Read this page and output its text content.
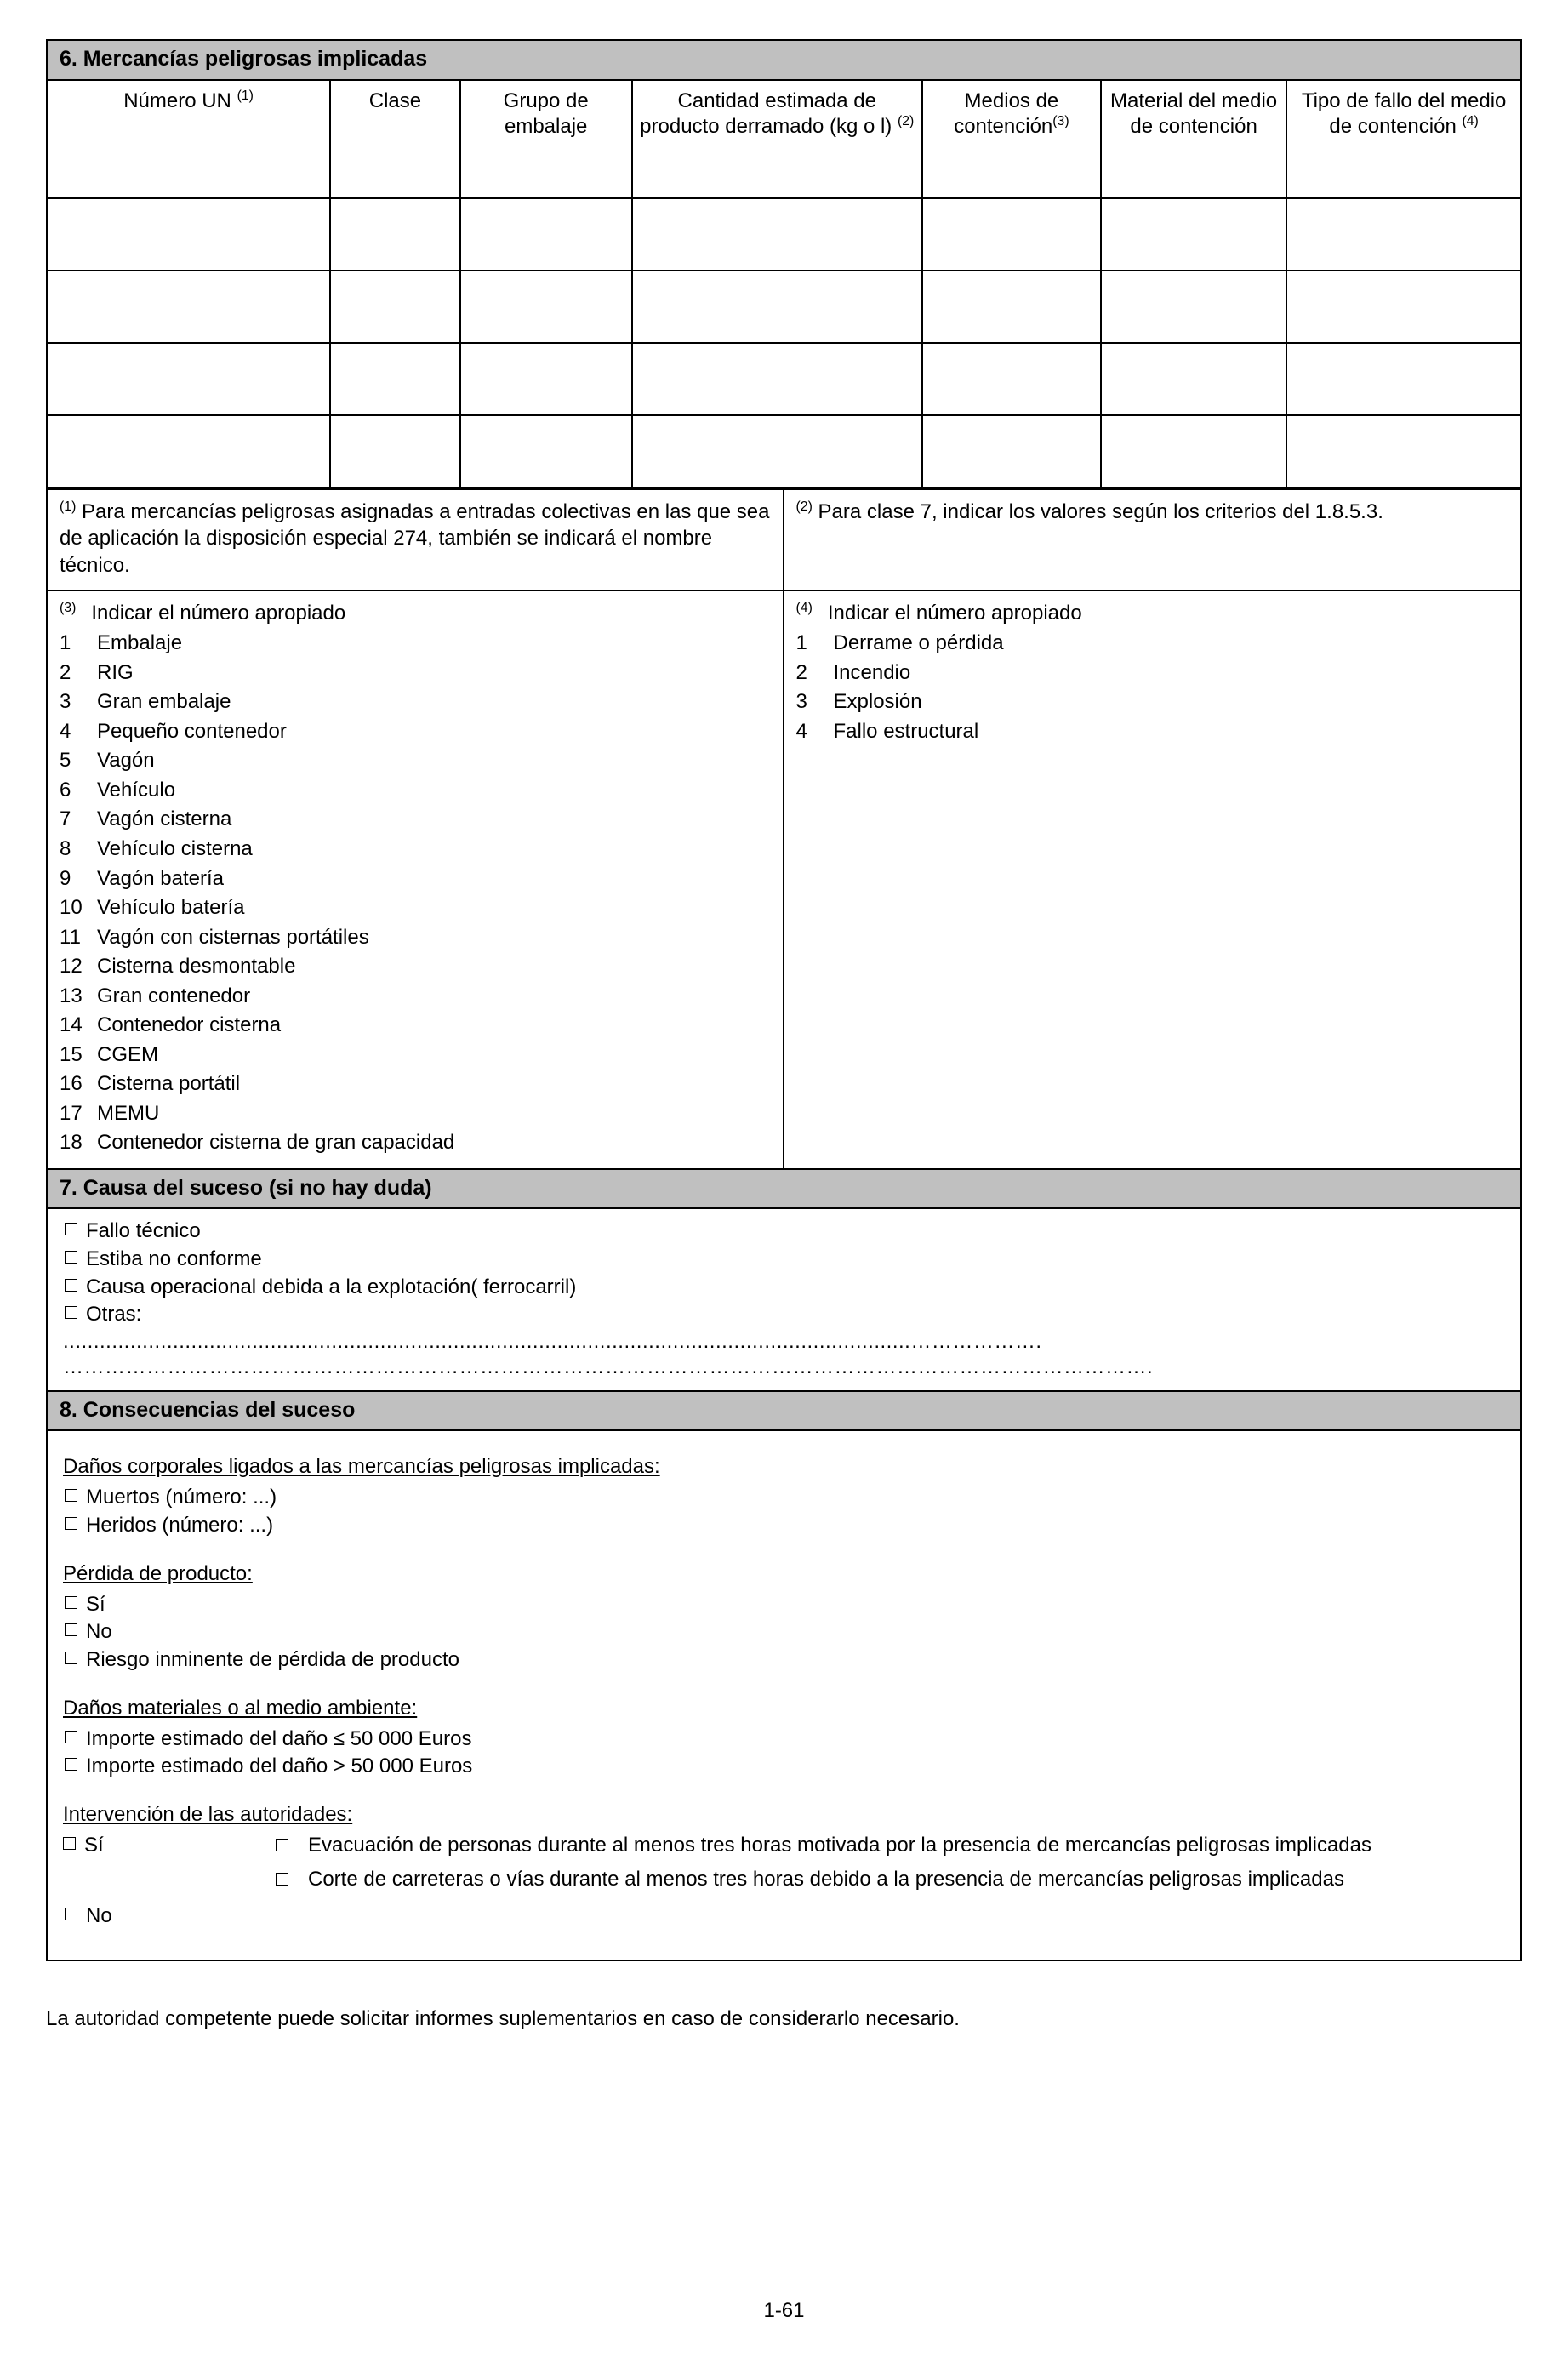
6. Mercancías peligrosas implicadas
Número UN $^{(1)}$	Clase	Grupo de embalaje	Cantidad estimada de producto derramado (kg o l) $^{(2)}$	Medios de contención$^{(3)}$	Material del medio de contención	Tipo de fallo del medio de contención $^{(4)}$

$^{(1)}$ Para mercancías peligrosas asignadas a entradas colectivas en las que sea de aplicación la disposición especial 274, también se indicará el nombre técnico.
$^{(2)}$ Para clase 7, indicar los valores según los criterios del 1.8.5.3.
$^{(3)}$ Indicar el número apropiado
1	Embalaje
2	RIG
3	Gran embalaje
4	Pequeño contenedor
5	Vagón
6	Vehículo
7	Vagón cisterna
8	Vehículo cisterna
9	Vagón batería
10 Vehículo batería
11 Vagón con cisternas portátiles
12 Cisterna desmontable
13 Gran contenedor
14 Contenedor cisterna
15 CGEM
16 Cisterna portátil
17 MEMU
18 Contenedor cisterna de gran capacidad
$^{(4)}$ Indicar el número apropiado
1	Derrame o pérdida
2	Incendio
3	Explosión
4	Fallo estructural
7. Causa del suceso (si no hay duda)
Fallo técnico
Estiba no conforme
Causa operacional debida a la explotación( ferrocarril)
Otras:
...........................................................................................................................................……………….
………………………………………………………………………………………………………………………………………….
8. Consecuencias del suceso
Daños corporales ligados a las mercancías peligrosas implicadas:
Muertos (número: ...)
Heridos (número: ...)
Pérdida de producto:
Sí
No
Riesgo inminente de pérdida de producto
Daños materiales o al medio ambiente:
Importe estimado del daño ≤ 50 000 Euros
Importe estimado del daño > 50 000 Euros
Intervención de las autoridades:
Sí	Evacuación de personas durante al menos tres horas motivada por la presencia de mercancías peligrosas implicadas
Corte de carreteras o vías durante al menos tres horas debido a la presencia de mercancías peligrosas implicadas
No
La autoridad competente puede solicitar informes suplementarios en caso de considerarlo necesario.
1-61
